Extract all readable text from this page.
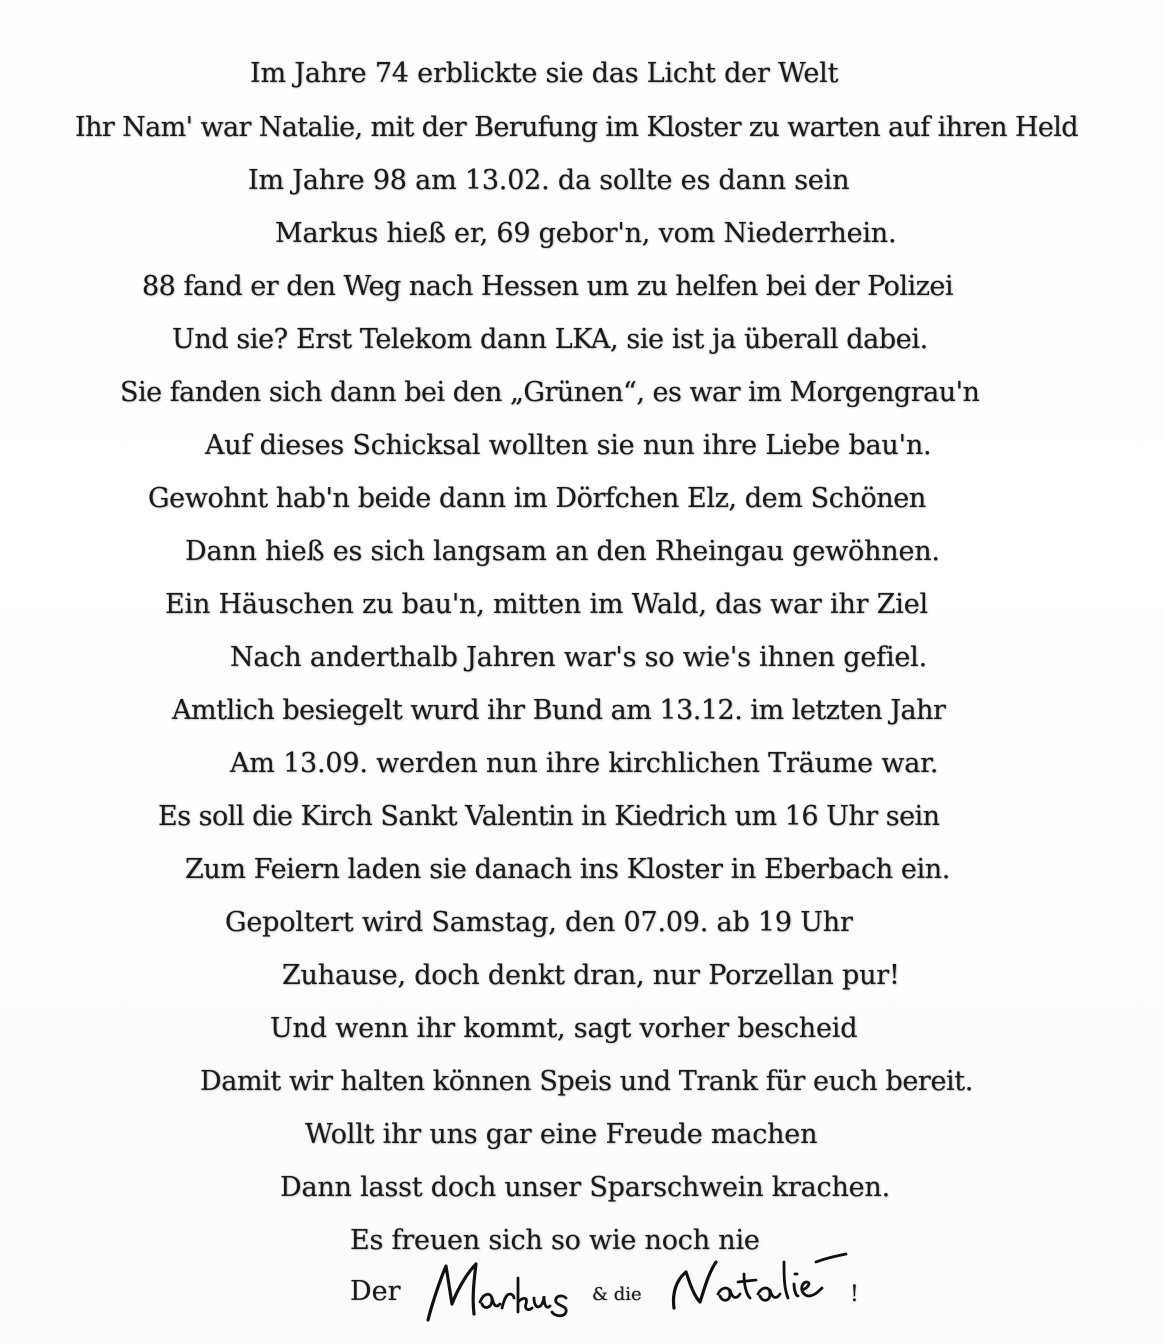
Im Jahre 74 erblickte sie das Licht der Welt
Ihr Nam' war Natalie, mit der Berufung im Kloster zu warten auf ihren Held
Im Jahre 98 am 13.02. da sollte es dann sein
Markus hieß er, 69 gebor'n, vom Niederrhein.
88 fand er den Weg nach Hessen um zu helfen bei der Polizei
Und sie? Erst Telekom dann LKA, sie ist ja überall dabei.
Sie fanden sich dann bei den „Grünen“, es war im Morgengrau'n
Auf dieses Schicksal wollten sie nun ihre Liebe bau'n.
Gewohnt hab'n beide dann im Dörfchen Elz, dem Schönen
Dann hieß es sich langsam an den Rheingau gewöhnen.
Ein Häuschen zu bau'n, mitten im Wald, das war ihr Ziel
Nach anderthalb Jahren war's so wie's ihnen gefiel.
Amtlich besiegelt wurd ihr Bund am 13.12. im letzten Jahr
Am 13.09. werden nun ihre kirchlichen Träume war.
Es soll die Kirch Sankt Valentin in Kiedrich um 16 Uhr sein
Zum Feiern laden sie danach ins Kloster in Eberbach ein.
Gepoltert wird Samstag, den 07.09. ab 19 Uhr
Zuhause, doch denkt dran, nur Porzellan pur!
Und wenn ihr kommt, sagt vorher bescheid
Damit wir halten können Speis und Trank für euch bereit.
Wollt ihr uns gar eine Freude machen
Dann lasst doch unser Sparschwein krachen.
Es freuen sich so wie noch nie
Der	& die	!
